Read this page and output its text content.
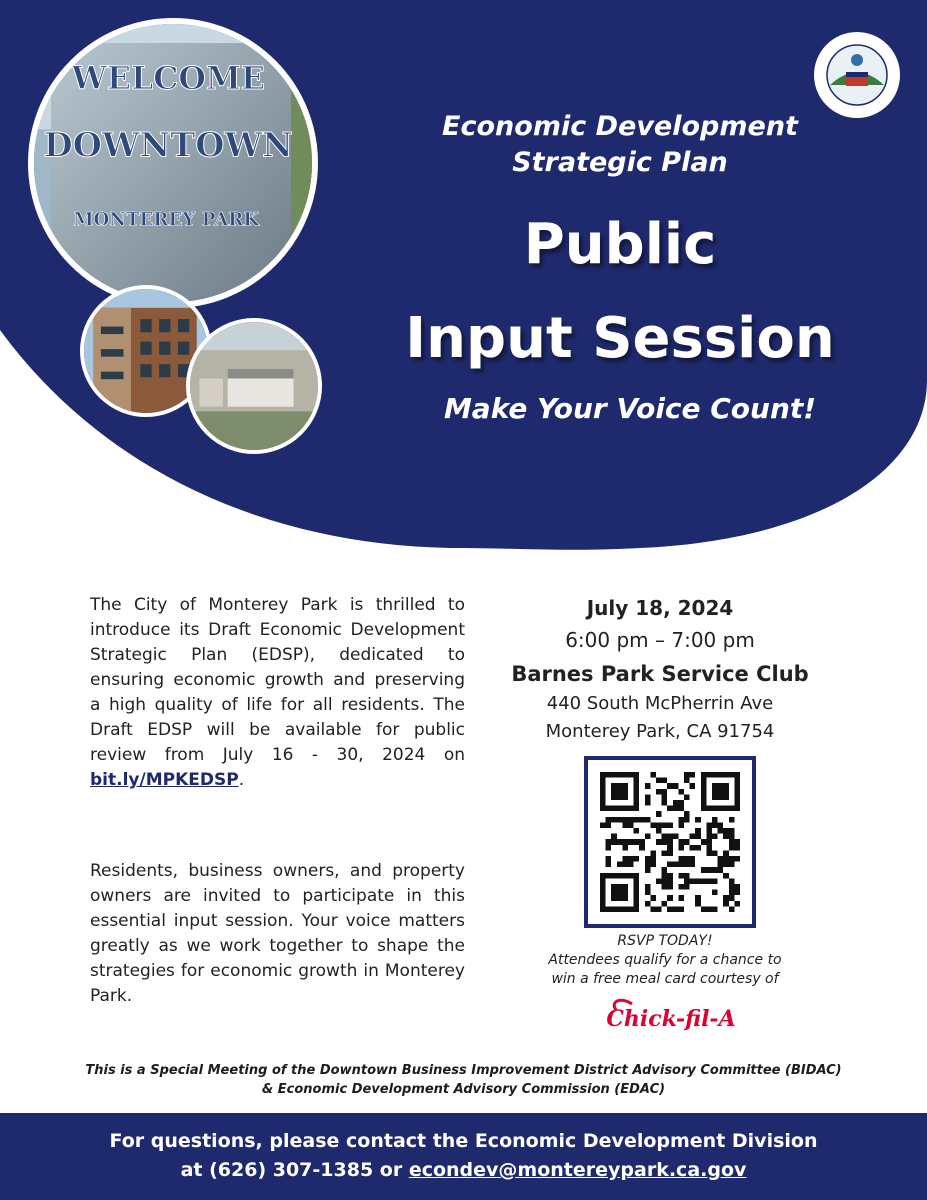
WELCOME
DOWNTOWN
MONTEREY PARK
Economic Development
Strategic Plan
Public
Input Session
Make Your Voice Count!

The City of Monterey Park is thrilled to introduce its Draft Economic Development Strategic Plan (EDSP), dedicated to ensuring economic growth and preserving a high quality of life for all residents. The Draft EDSP will be available for public review from July 16 - 30, 2024 on bit.ly/MPKEDSP.

Residents, business owners, and property owners are invited to participate in this essential input session. Your voice matters greatly as we work together to shape the strategies for economic growth in Monterey Park.

July 18, 2024
6:00 pm – 7:00 pm
Barnes Park Service Club
440 South McPherrin Ave
Monterey Park, CA 91754
RSVP TODAY!
Attendees qualify for a chance to
win a free meal card courtesy of
Chick-fil-A
This is a Special Meeting of the Downtown Business Improvement District Advisory Committee (BIDAC)
& Economic Development Advisory Commission (EDAC)
For questions, please contact the Economic Development Division
at (626) 307-1385 or econdev@montereypark.ca.gov
